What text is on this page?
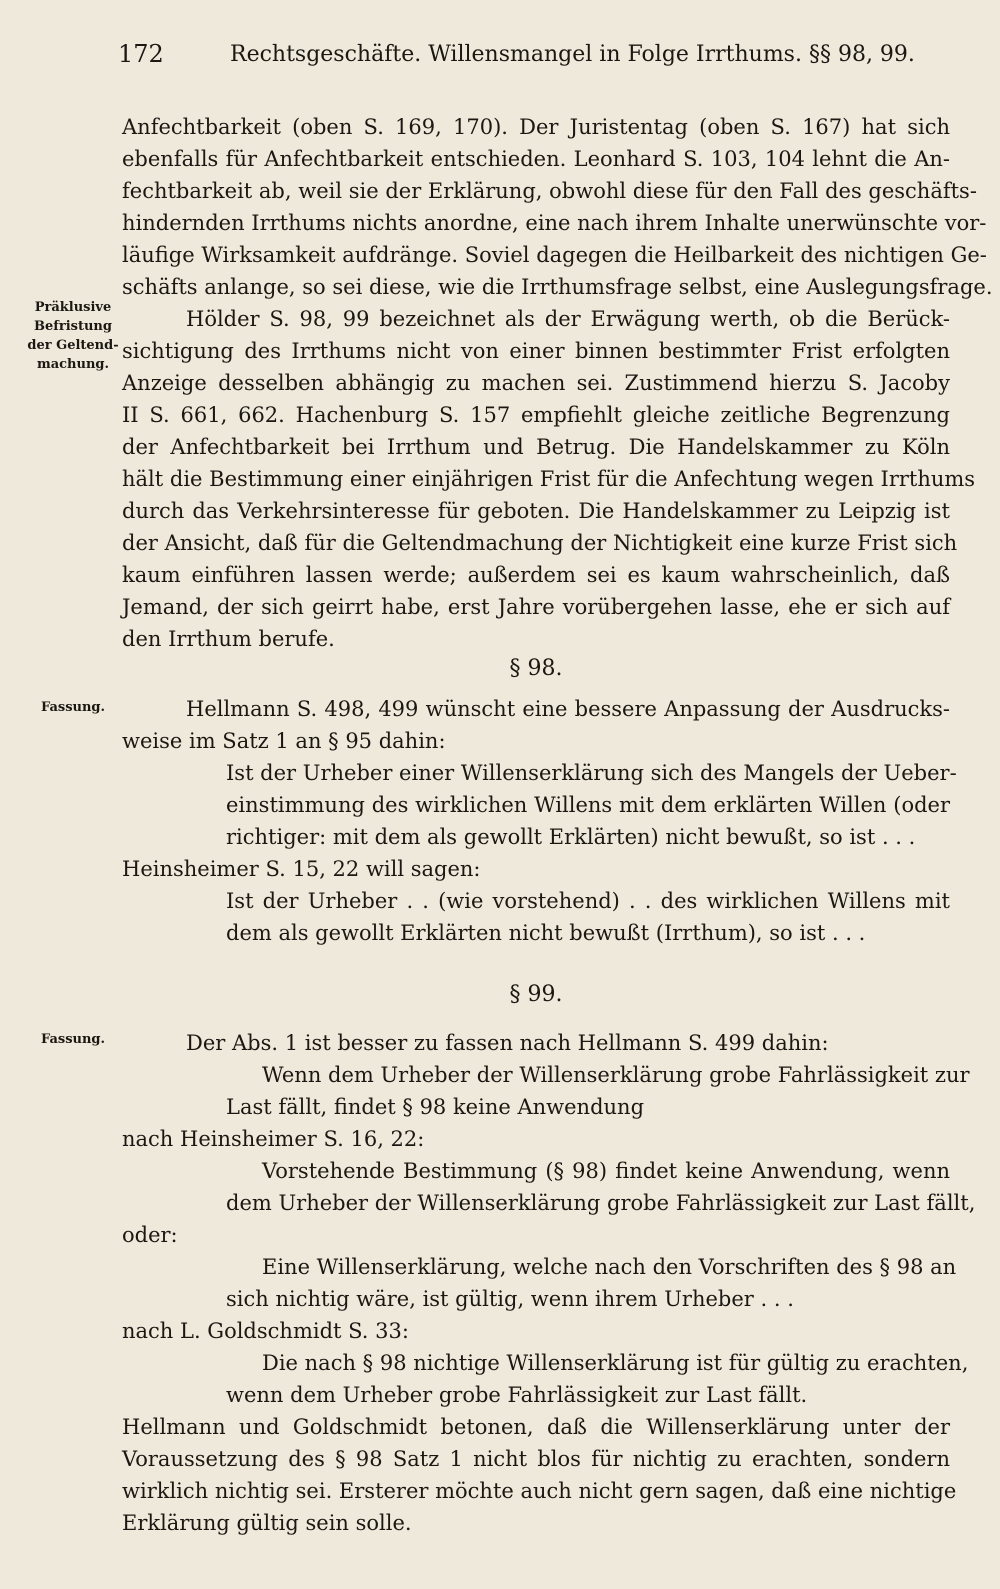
172	Rechtsgeschäfte. Willensmangel in Folge Irrthums. §§ 98, 99.
Präklusive
Befristung
der Geltend-
machung.
Fassung.
Fassung.
Anfechtbarkeit (oben S. 169, 170). Der Juristentag (oben S. 167) hat sich
ebenfalls für Anfechtbarkeit entschieden. Leonhard S. 103, 104 lehnt die An-
fechtbarkeit ab, weil sie der Erklärung, obwohl diese für den Fall des geschäfts-
hindernden Irrthums nichts anordne, eine nach ihrem Inhalte unerwünschte vor-
läufige Wirksamkeit aufdränge. Soviel dagegen die Heilbarkeit des nichtigen Ge-
schäfts anlange, so sei diese, wie die Irrthumsfrage selbst, eine Auslegungsfrage.
Hölder S. 98, 99 bezeichnet als der Erwägung werth, ob die Berück-
sichtigung des Irrthums nicht von einer binnen bestimmter Frist erfolgten
Anzeige desselben abhängig zu machen sei. Zustimmend hierzu S. Jacoby
II S. 661, 662. Hachenburg S. 157 empfiehlt gleiche zeitliche Begrenzung
der Anfechtbarkeit bei Irrthum und Betrug. Die Handelskammer zu Köln
hält die Bestimmung einer einjährigen Frist für die Anfechtung wegen Irrthums
durch das Verkehrsinteresse für geboten. Die Handelskammer zu Leipzig ist
der Ansicht, daß für die Geltendmachung der Nichtigkeit eine kurze Frist sich
kaum einführen lassen werde; außerdem sei es kaum wahrscheinlich, daß
Jemand, der sich geirrt habe, erst Jahre vorübergehen lasse, ehe er sich auf
den Irrthum berufe.
§ 98.
Hellmann S. 498, 499 wünscht eine bessere Anpassung der Ausdrucks-
weise im Satz 1 an § 95 dahin:
Ist der Urheber einer Willenserklärung sich des Mangels der Ueber-
einstimmung des wirklichen Willens mit dem erklärten Willen (oder
richtiger: mit dem als gewollt Erklärten) nicht bewußt, so ist . . .
Heinsheimer S. 15, 22 will sagen:
Ist der Urheber . . (wie vorstehend) . . des wirklichen Willens mit
dem als gewollt Erklärten nicht bewußt (Irrthum), so ist . . .
§ 99.
Der Abs. 1 ist besser zu fassen nach Hellmann S. 499 dahin:
Wenn dem Urheber der Willenserklärung grobe Fahrlässigkeit zur
Last fällt, findet § 98 keine Anwendung
nach Heinsheimer S. 16, 22:
Vorstehende Bestimmung (§ 98) findet keine Anwendung, wenn
dem Urheber der Willenserklärung grobe Fahrlässigkeit zur Last fällt,
oder:
Eine Willenserklärung, welche nach den Vorschriften des § 98 an
sich nichtig wäre, ist gültig, wenn ihrem Urheber . . .
nach L. Goldschmidt S. 33:
Die nach § 98 nichtige Willenserklärung ist für gültig zu erachten,
wenn dem Urheber grobe Fahrlässigkeit zur Last fällt.
Hellmann und Goldschmidt betonen, daß die Willenserklärung unter der
Voraussetzung des § 98 Satz 1 nicht blos für nichtig zu erachten, sondern
wirklich nichtig sei. Ersterer möchte auch nicht gern sagen, daß eine nichtige
Erklärung gültig sein solle.
